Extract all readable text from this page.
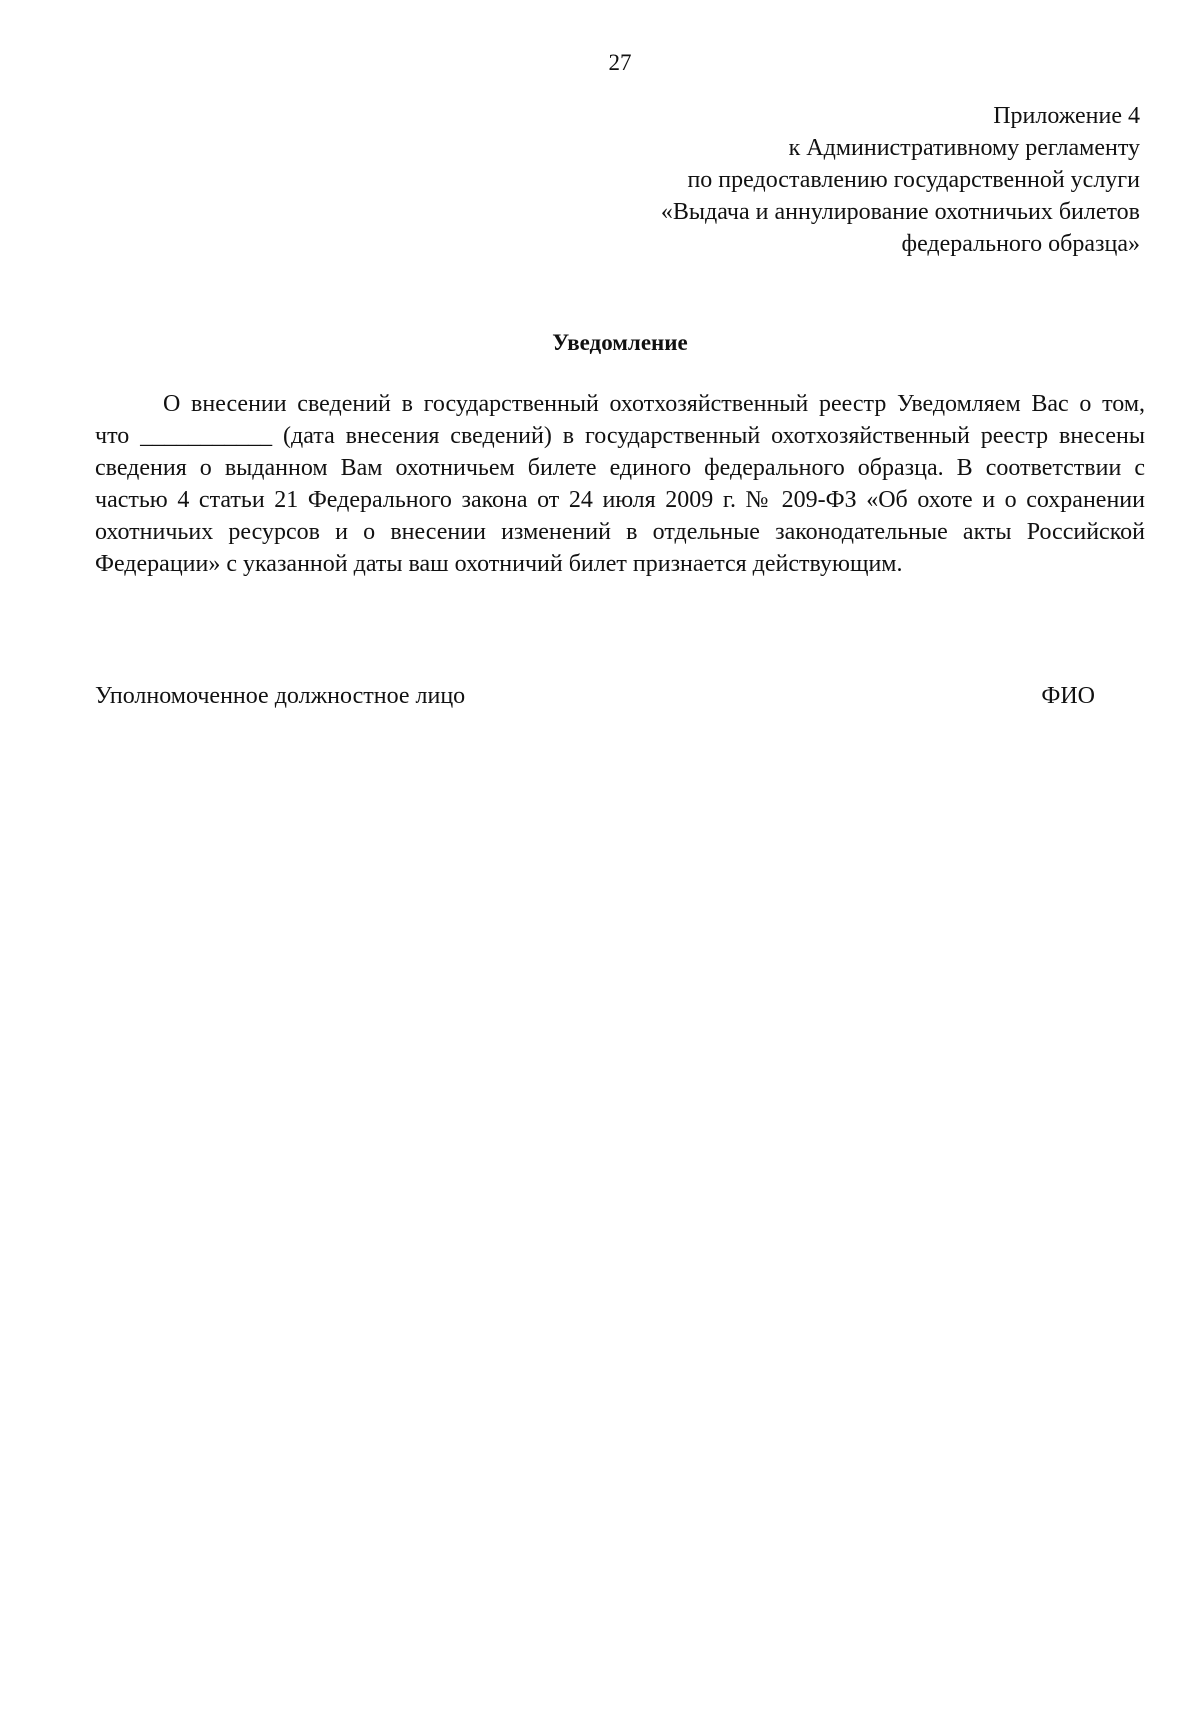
27
Приложение 4
к Административному регламенту
по предоставлению государственной услуги
«Выдача и аннулирование охотничьих билетов
федерального образца»
Уведомление
О внесении сведений в государственный охотхозяйственный реестр Уведомляем Вас о том,
что ___________ (дата внесения сведений) в государственный охотхозяйственный реестр внесены
сведения о выданном Вам охотничьем билете единого федерального образца. В соответствии с
частью 4 статьи 21 Федерального закона от 24 июля 2009 г. № 209-ФЗ «Об охоте и о сохранении
охотничьих ресурсов и о внесении изменений в отдельные законодательные акты Российской
Федерации» с указанной даты ваш охотничий билет признается действующим.
Уполномоченное должностное лицо	ФИО
